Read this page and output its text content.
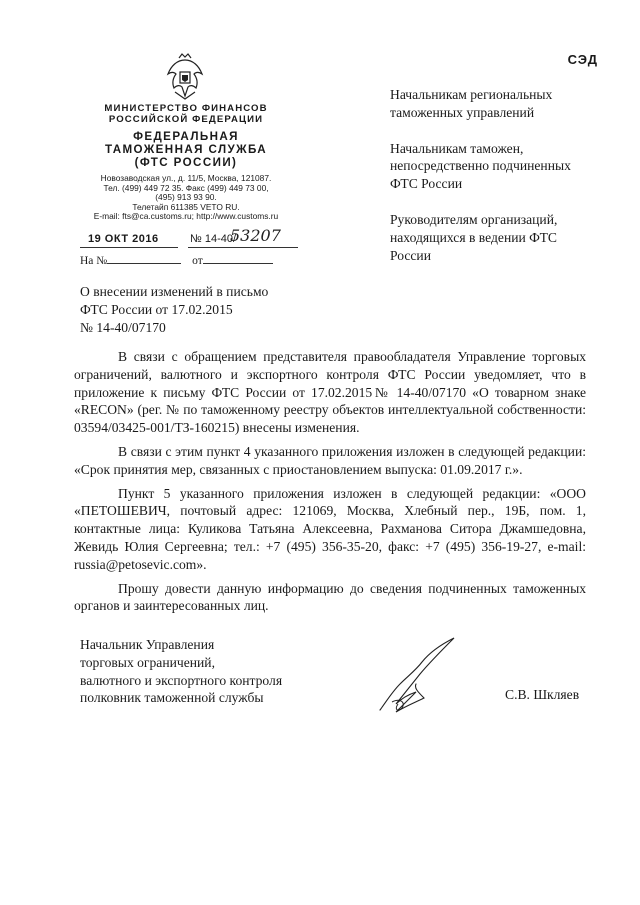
СЭД
МИНИСТЕРСТВО ФИНАНСОВ
РОССИЙСКОЙ ФЕДЕРАЦИИ
ФЕДЕРАЛЬНАЯ
ТАМОЖЕННАЯ СЛУЖБА
(ФТС РОССИИ)
Новозаводская ул., д. 11/5, Москва, 121087.
Тел. (499) 449 72 35. Факс (499) 449 73 00,
(495) 913 93 90.
Телетайп 611385 VETO RU.
E-mail: fts@ca.customs.ru; http://www.customs.ru
19 ОКТ 2016	№ 14-40/
53207
На №	от

Начальникам региональных таможенных управлений

Начальникам таможен, непосредственно подчиненных ФТС России

Руководителям организаций, находящихся в ведении ФТС России

О внесении изменений в письмо
ФТС России от 17.02.2015
№ 14-40/07170

В связи с обращением представителя правообладателя Управление торговых ограничений, валютного и экспортного контроля ФТС России уведомляет, что в приложение к письму ФТС России от 17.02.2015№ 14-40/07170 «О товарном знаке «RECON» (рег. № по таможенному реестру объектов интеллектуальной собственности: 03594/03425-001/ТЗ-160215) внесены изменения.

В связи с этим пункт 4 указанного приложения изложен в следующей редакции: «Срок принятия мер, связанных с приостановлением выпуска: 01.09.2017 г.».

Пункт 5 указанного приложения изложен в следующей редакции: «ООО «ПЕТОШЕВИЧ, почтовый адрес: 121069, Москва, Хлебный пер., 19Б, пом. 1, контактные лица: Куликова Татьяна Алексеевна, Рахманова Ситора Джамшедовна, Жевидь Юлия Сергеевна; тел.: +7 (495) 356-35-20, факс: +7 (495) 356-19-27, e-mail: russia@petosevic.com».

Прошу довести данную информацию до сведения подчиненных таможенных органов и заинтересованных лиц.

Начальник Управления
торговых ограничений,
валютного и экспортного контроля
полковник таможенной службы	С.В. Шкляев
